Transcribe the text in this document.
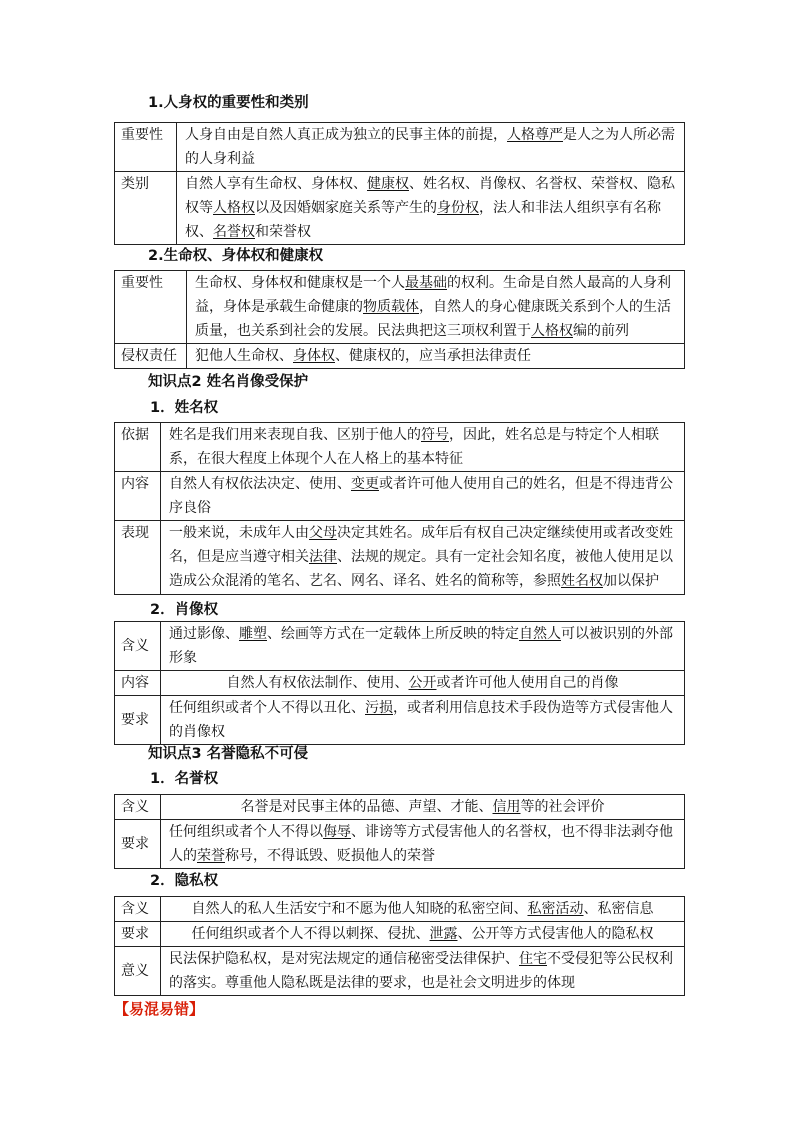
1.人身权的重要性和类别
重要性	人身自由是自然人真正成为独立的民事主体的前提，人格尊严是人之为人所必需的人身利益
类别	自然人享有生命权、身体权、健康权、姓名权、肖像权、名誉权、荣誉权、隐私权等人格权以及因婚姻家庭关系等产生的身份权，法人和非法人组织享有名称权、名誉权和荣誉权
2.生命权、身体权和健康权
重要性	生命权、身体权和健康权是一个人最基础的权利。生命是自然人最高的人身利益，身体是承载生命健康的物质载体，自然人的身心健康既关系到个人的生活质量，也关系到社会的发展。民法典把这三项权利置于人格权编的前列
侵权责任	犯他人生命权、身体权、健康权的，应当承担法律责任
知识点2 姓名肖像受保护
1．姓名权
依据	姓名是我们用来表现自我、区别于他人的符号，因此，姓名总是与特定个人相联系，在很大程度上体现个人在人格上的基本特征
内容	自然人有权依法决定、使用、变更或者许可他人使用自己的姓名，但是不得违背公序良俗
表现	一般来说，未成年人由父母决定其姓名。成年后有权自己决定继续使用或者改变姓名，但是应当遵守相关法律、法规的规定。具有一定社会知名度，被他人使用足以造成公众混淆的笔名、艺名、网名、译名、姓名的简称等，参照姓名权加以保护
2．肖像权
含义	通过影像、雕塑、绘画等方式在一定载体上所反映的特定自然人可以被识别的外部形象
内容	自然人有权依法制作、使用、公开或者许可他人使用自己的肖像
要求	任何组织或者个人不得以丑化、污损，或者利用信息技术手段伪造等方式侵害他人的肖像权
知识点3 名誉隐私不可侵
1．名誉权
含义	名誉是对民事主体的品德、声望、才能、信用等的社会评价
要求	任何组织或者个人不得以侮辱、诽谤等方式侵害他人的名誉权，也不得非法剥夺他人的荣誉称号，不得诋毁、贬损他人的荣誉
2．隐私权
含义	自然人的私人生活安宁和不愿为他人知晓的私密空间、私密活动、私密信息
要求	任何组织或者个人不得以刺探、侵扰、泄露、公开等方式侵害他人的隐私权
意义	民法保护隐私权，是对宪法规定的通信秘密受法律保护、住宅不受侵犯等公民权利的落实。尊重他人隐私既是法律的要求，也是社会文明进步的体现
【易混易错】
